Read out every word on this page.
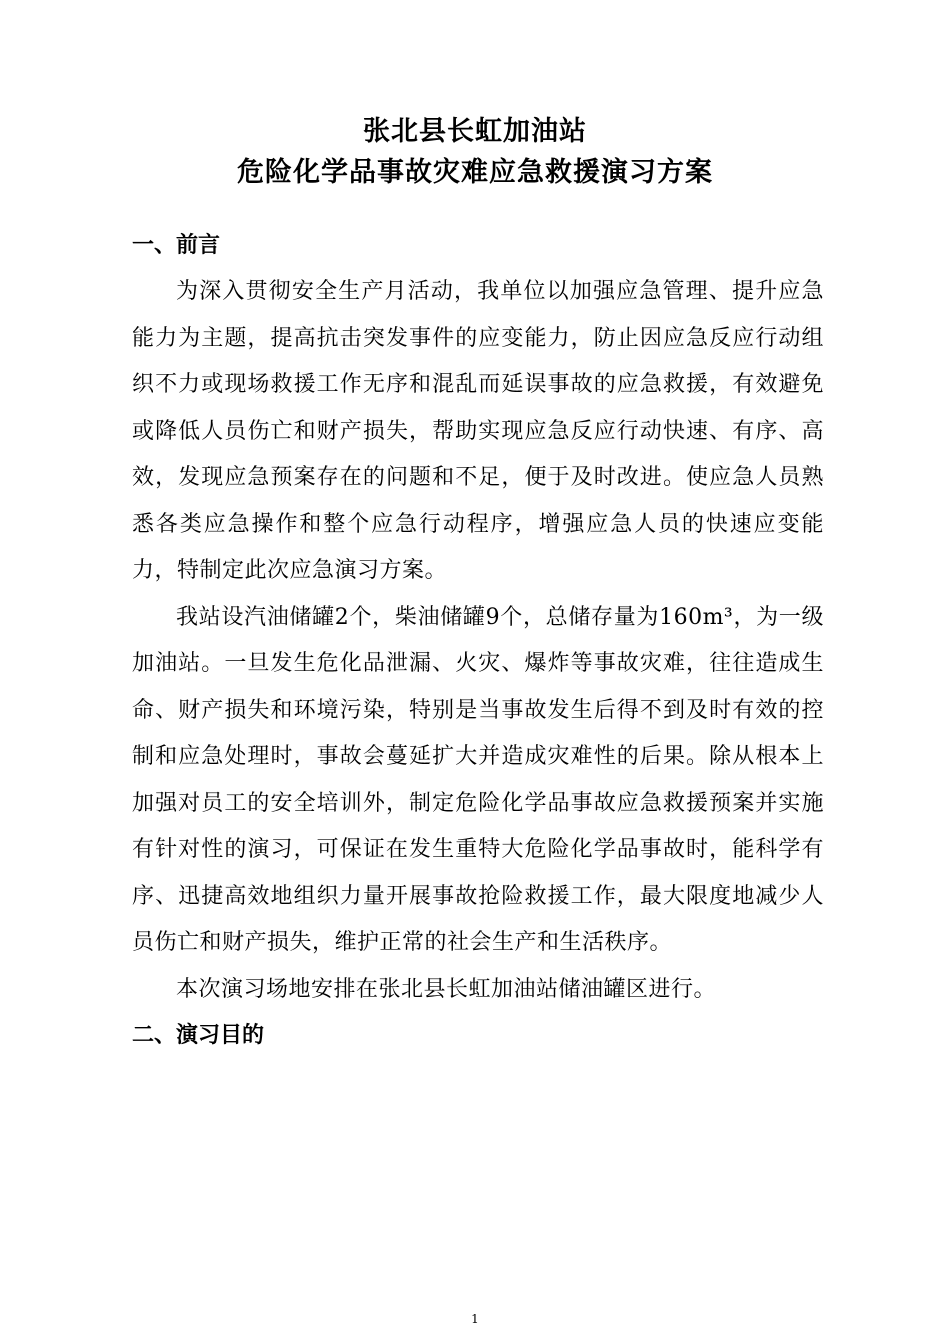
张北县长虹加油站
危险化学品事故灾难应急救援演习方案
一、前言

为深入贯彻安全生产月活动，我单位以加强应急管理、提升应急能力为主题，提高抗击突发事件的应变能力，防止因应急反应行动组织不力或现场救援工作无序和混乱而延误事故的应急救援，有效避免或降低人员伤亡和财产损失，帮助实现应急反应行动快速、有序、高效，发现应急预案存在的问题和不足，便于及时改进。使应急人员熟悉各类应急操作和整个应急行动程序，增强应急人员的快速应变能力，特制定此次应急演习方案。

我站设汽油储罐2个，柴油储罐9个，总储存量为160m³，为一级加油站。一旦发生危化品泄漏、火灾、爆炸等事故灾难，往往造成生命、财产损失和环境污染，特别是当事故发生后得不到及时有效的控制和应急处理时，事故会蔓延扩大并造成灾难性的后果。除从根本上加强对员工的安全培训外，制定危险化学品事故应急救援预案并实施有针对性的演习，可保证在发生重特大危险化学品事故时，能科学有序、迅捷高效地组织力量开展事故抢险救援工作，最大限度地减少人员伤亡和财产损失，维护正常的社会生产和生活秩序。

本次演习场地安排在张北县长虹加油站储油罐区进行。

二、演习目的
1
